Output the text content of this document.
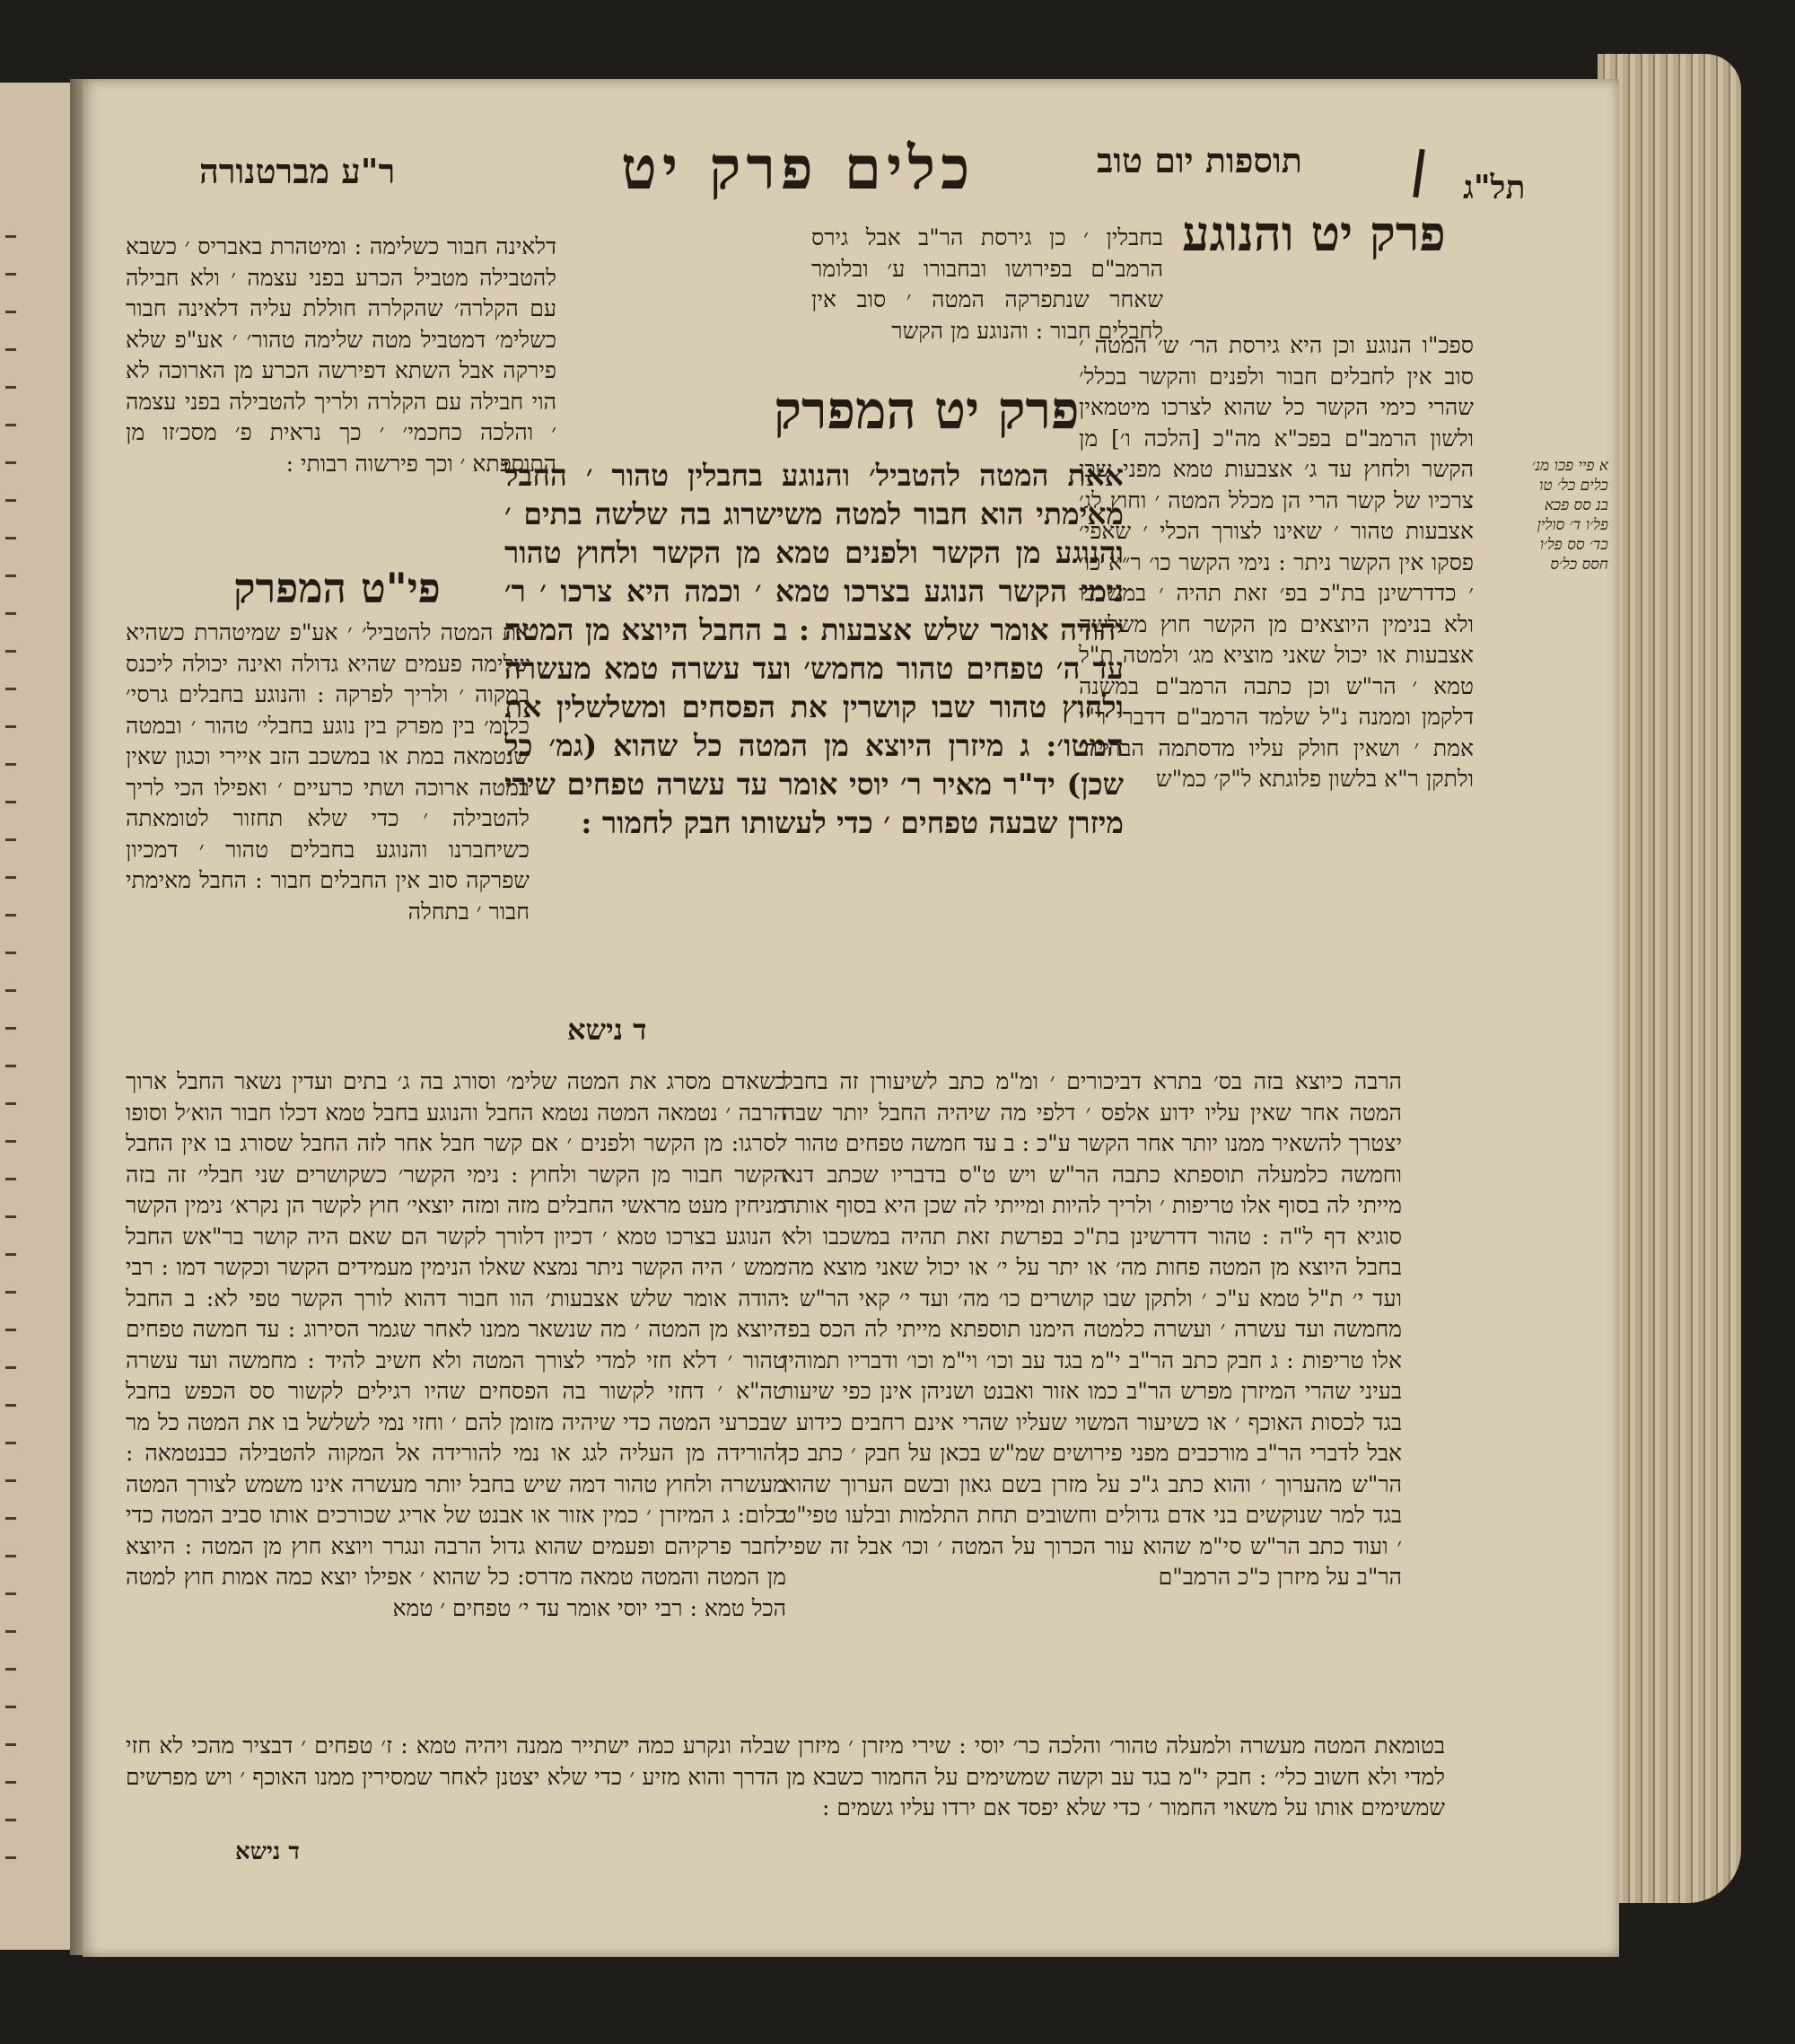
ר"ע מברטנורה	כלים פרק יט	תוספות יום טוב
תל"ג
פרק יט והנוגע

בחבלין ׳ כן גירסת הר"ב אבל גירס הרמב"ם בפירושו ובחבורו ע׳ ובלומר שאחר שנתפרקה המטה ׳ סוב אין לחבלים חבור : והנוגע מן הקשר

ספכ"ו הנוגע וכן היא גירסת הר׳ ש׳ המטה ׳ סוב אין לחבלים חבור ולפנים והקשר בכלל׳ שהרי כימי הקשר כל שהוא לצרכו מיטמאין ולשון הרמב"ם בפכ"א מה"כ [הלכה ו׳] מן הקשר ולחוץ עד ג׳ אצבעות טמא מפני שכן צרכיו של קשר הרי הן מכלל המטה ׳ וחוץ לג׳ אצבעות טהור ׳ שאינו לצורך הכלי ׳ שאפי׳ פסקו אין הקשר ניתר : נימי הקשר כו׳ ר״א כו׳ ׳ כדדרשינן בת"כ בפ׳ זאת תהיה ׳ במשכבו ולא בנימין היוצאים מן הקשר חוץ משלשה אצבעות או יכול שאני מוציא מג׳ ולמטה ת"ל טמא ׳ הר"ש וכן כתבה הרמב"ם במשנה דלקמן וממנה נ"ל שלמד הרמב"ם דדברי ר"י אמת ׳ ושאין חולק עליו מדסתמה הבריית׳ ולתקן ר"א בלשון פלוגתא ל"ק׳ כמ"ש

פרק יט המפרק

אאת המטה להטביל׳ והנוגע בחבלין טהור ׳ החבל מאימתי הוא חבור למטה משישרוג בה שלשה בתים ׳ והנוגע מן הקשר ולפנים טמא מן הקשר ולחוץ טהור נימי הקשר הנוגע בצרכו טמא ׳ וכמה היא צרכו ׳ ר׳ יהודה אומר שלש אצבעות : ב החבל היוצא מן המטה עד ה׳ טפחים טהור מחמש׳ ועד עשרה טמא מעשרה ולחוץ טהור שבו קושרין את הפסחים ומשלשלין את המטו׳: ג מיזרן היוצא מן המטה כל שהוא (גמ׳ כל שכן) יד"ר מאיר ר׳ יוסי אומר עד עשרה טפחים שירי מיזרן שבעה טפחים ׳ כדי לעשותו חבק לחמור :

ד נישא

דלאינה חבור כשלימה : ומיטהרת באבריס ׳ כשבא להטבילה מטביל הכרע בפני עצמה ׳ ולא חבילה עם הקלרה׳ שהקלרה חוללת עליה דלאינה חבור כשלימ׳ דמטביל מטה שלימה טהור׳ ׳ אע"פ שלא פירקה אבל השתא דפירשה הכרע מן הארוכה לא הוי חבילה עם הקלרה ולריך להטבילה בפני עצמה ׳ והלכה כחכמי׳ ׳ כך נראית פ׳ מסכ׳זו מן התוספתא ׳ וכך פירשוה רבותי :

פי"ט המפרק

את המטה להטביל׳ ׳ אע"פ שמיטהרת כשהיא שלימה פעמים שהיא גדולה ואינה יכולה ליכנס במקוה ׳ ולריך לפרקה : והנוגע בחבלים גרסי׳ כלומ׳ בין מפרק בין נוגע בחבלי׳ טהור ׳ ובמטה שנטמאה במת או במשכב הזב איירי וכגון שאין במטה ארוכה ושתי כרעיים ׳ ואפילו הכי לריך להטבילה ׳ כדי שלא תחזור לטומאתה כשיחברנו והנוגע בחבלים טהור ׳ דמכיון שפרקה סוב אין החבלים חבור : החבל מאימתי חבור ׳ בתחלה

כשאדם מסרג את המטה שלימ׳ וסורג בה ג׳ בתים ועדין נשאר החבל ארוך הרבה ׳ נטמאה המטה נטמא החבל והנוגע בחבל טמא דכלו חבור הוא׳ל וסופו לסרגו: מן הקשר ולפנים ׳ אם קשר חבל אחר לזה החבל שסורג בו אין החבל הקשר חבור מן הקשר ולחוץ : נימי הקשר׳ כשקושרים שני חבלי׳ זה בזה מניחין מעט מראשי החבלים מזה ומזה יוצאי׳ חוץ לקשר הן נקרא׳ נימין הקשר ׳ הנוגע בצרכו טמא ׳ דכיון דלורך לקשר הם שאם היה קושר בר"אש החבל ממש ׳ היה הקשר ניתר נמצא שאלו הנימין מעמידים הקשר וכקשר דמו : רבי יהודה אומר שלש אצבעות׳ הוו חבור דהוא לורך הקשר טפי לא: ב החבל היוצא מן המטה ׳ מה שנשאר ממנו לאחר שגמר הסירוג : עד חמשה טפחים טהור ׳ דלא חזי למדי לצורך המטה ולא חשיב להיד : מחמשה ועד עשרה טה"א ׳ דחזי לקשור בה הפסחים שהיו רגילים לקשור סס הכפש בחבל שבכרעי המטה כדי שיהיה מזומן להם ׳ וחזי נמי לשלשל בו את המטה כל מר להורידה מן העליה לגג או נמי להורידה אל המקוה להטבילה כבנטמאה : מעשרה ולחוץ טהור דמה שיש בחבל יותר מעשרה אינו משמש לצורך המטה כלום: ג המיזרן ׳ כמין אזור או אבנט של אריג שכורכים אותו סביב המטה כדי לחבר פרקיהם ופעמים שהוא גדול הרבה ונגרר ויוצא חוץ מן המטה : היוצא מן המטה והמטה טמאה מדרס: כל שהוא ׳ אפילו יוצא כמה אמות חוץ למטה הכל טמא : רבי יוסי אומר עד י׳ טפחים ׳ טמא

הרבה כיוצא בזה בס׳ בתרא דביכורים ׳ ומ"מ כתב לשיעורן זה בחבל המטה אחר שאין עליו ידוע אלפס ׳ דלפי מה שיהיה החבל יותר שבה יצטרך להשאיר ממנו יותר אחר הקשר ע"כ : ב עד חמשה טפחים טהור ׳ וחמשה כלמעלה תוספתא כתבה הר"ש ויש ט"ס בדבריו שכתב דנא מייתי לה בסוף אלו טריפות ׳ ולריך להיות ומייתי לה שכן היא בסוף אותה סוגיא דף ל"ה : טהור דדרשינן בת"כ בפרשת זאת תהיה במשכבו ולא בחבל היוצא מן המטה פחות מה׳ או יתר על י׳ או יכול שאני מוצא מה׳ ועד י׳ ת"ל טמא ע"כ ׳ ולתקן שבו קושרים כו׳ מה׳ ועד י׳ קאי הר"ש : מחמשה ועד עשרה ׳ ועשרה כלמטה הימנו תוספתא מייתי לה הכס בפ׳ אלו טריפות : ג חבק כתב הר"ב י"מ בגד עב וכו׳ וי"מ וכו׳ ודבריו תמוהין בעיני שהרי המיזרן מפרש הר"ב כמו אזור ואבנט ושניהן אינן כפי שיעור בגד לכסות האוכף ׳ או כשיעור המשוי שעליו שהרי אינם רחבים כידוע ׳ אבל לדברי הר"ב מורכבים מפני פירושים שמ"ש בכאן על חבק ׳ כתב כן הר"ש מהערוך ׳ והוא כתב ג"כ על מזרן בשם גאון ובשם הערוך שהוא בגד למר שנוקשים בני אדם גדולים וחשובים תחת התלמות ובלעו טפי"ט ׳ ועוד כתב הר"ש סי"מ שהוא עור הכרוך על המטה ׳ וכו׳ אבל זה שפי׳ הר"ב על מיזרן כ"כ הרמב"ם

בטומאת המטה מעשרה ולמעלה טהור׳ והלכה כר׳ יוסי : שירי מיזרן ׳ מיזרן שבלה ונקרע כמה ישתייר ממנה ויהיה טמא : ז׳ טפחים ׳ דבציר מהכי לא חזי למדי ולא חשוב כלי׳ : חבק י"מ בגד עב וקשה שמשימים על החמור כשבא מן הדרך והוא מזיע ׳ כדי שלא יצטנן לאחר שמסירין ממנו האוכף ׳ ויש מפרשים שמשימים אותו על משאוי החמור ׳ כדי שלא יפסד אם ירדו עליו גשמים :

ד נישא
א פיי פכו מנ׳ כלים כל׳ טו בנ סס פכא פל׳ו ד׳ סולין כד׳ סס פל׳ו חסס כל׳ס
